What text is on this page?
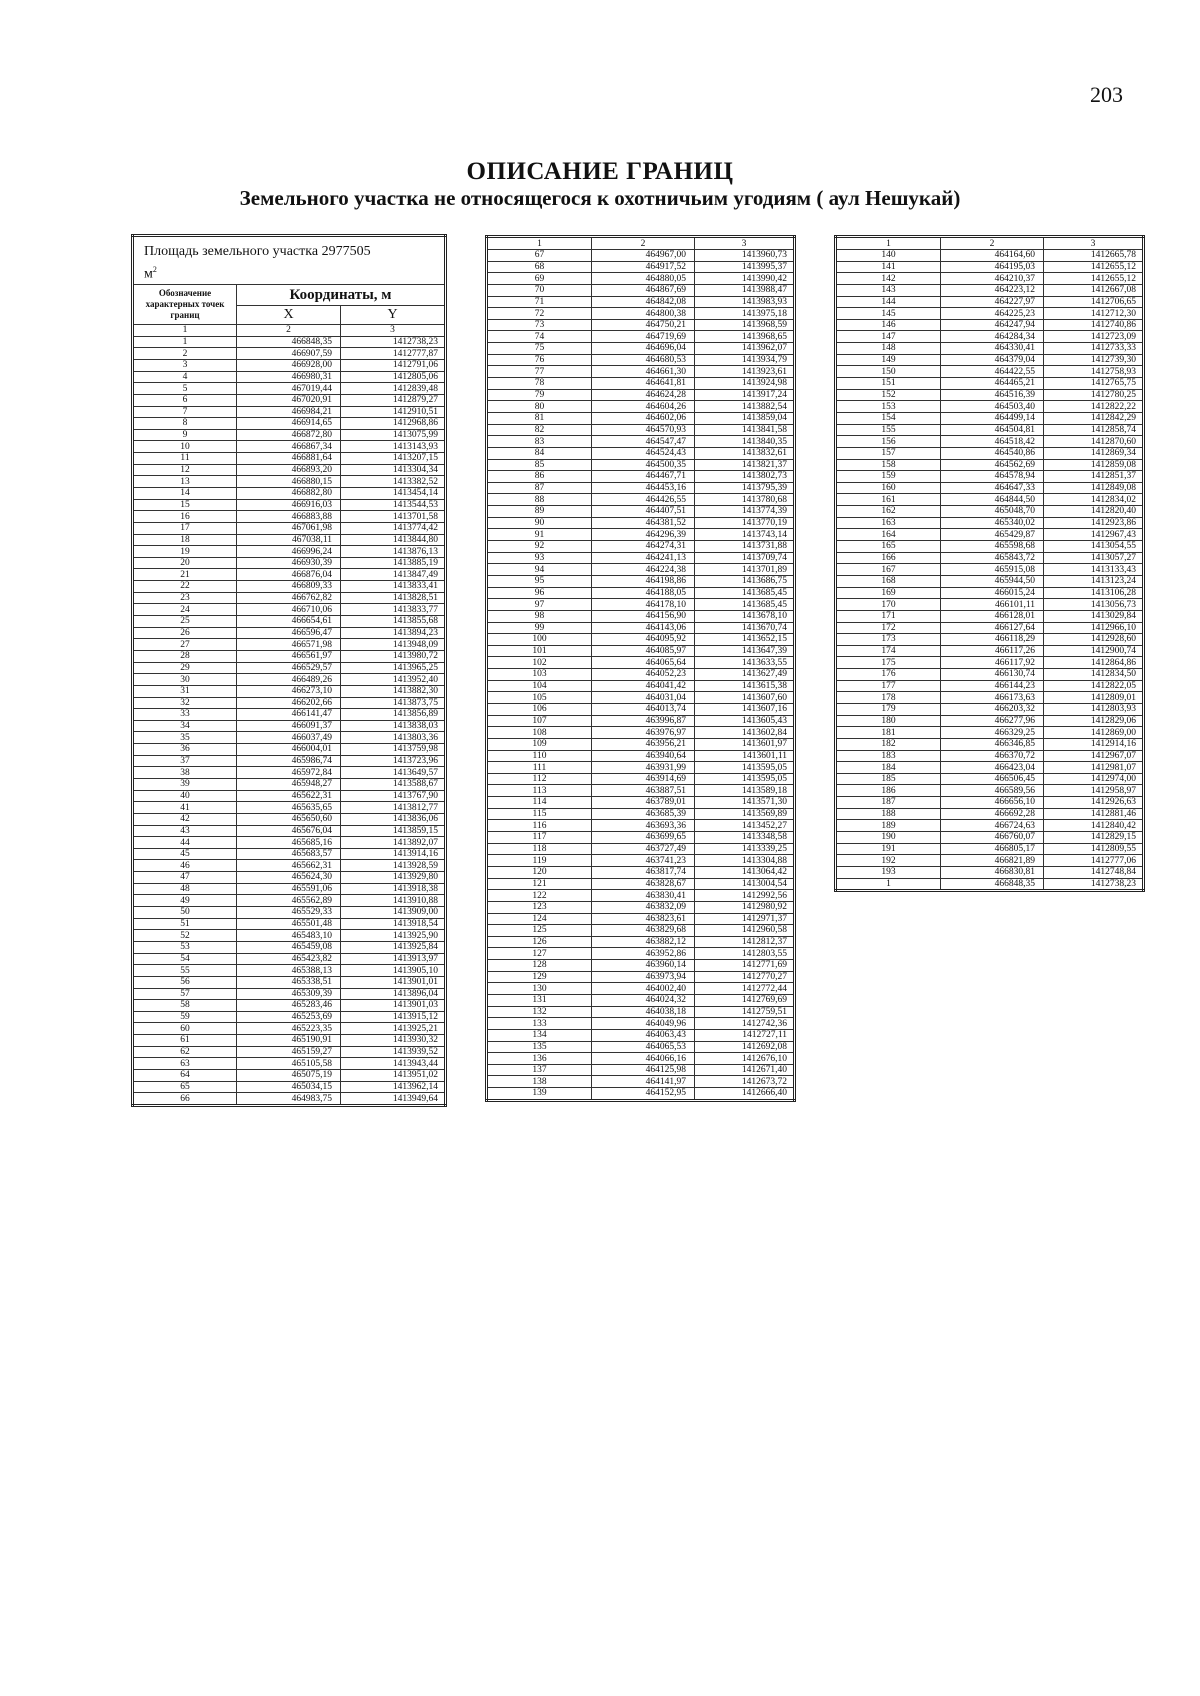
203
ОПИСАНИЕ ГРАНИЦ
Земельного участка не относящегося к охотничьим угодиям ( аул Нешукай)
Площадь земельного участка 2977505
$м^2$
Обозначение характерных точек границ	Координаты, м	
	X	Y
1	2	3
1	466848,35	1412738,23
2	466907,59	1412777,87
3	466928,00	1412791,06
4	466980,31	1412805,06
5	467019,44	1412839,48
6	467020,91	1412879,27
7	466984,21	1412910,51
8	466914,65	1412968,86
9	466872,80	1413075,99
10	466867,34	1413143,93
11	466881,64	1413207,15
12	466893,20	1413304,34
13	466880,15	1413382,52
14	466882,80	1413454,14
15	466916,03	1413544,53
16	466883,88	1413701,58
17	467061,98	1413774,42
18	467038,11	1413844,80
19	466996,24	1413876,13
20	466930,39	1413885,19
21	466876,04	1413847,49
22	466809,33	1413833,41
23	466762,82	1413828,51
24	466710,06	1413833,77
25	466654,61	1413855,68
26	466596,47	1413894,23
27	466571,98	1413948,09
28	466561,97	1413980,72
29	466529,57	1413965,25
30	466489,26	1413952,40
31	466273,10	1413882,30
32	466202,66	1413873,75
33	466141,47	1413856,89
34	466091,37	1413838,03
35	466037,49	1413803,36
36	466004,01	1413759,98
37	465986,74	1413723,96
38	465972,84	1413649,57
39	465948,27	1413588,67
40	465622,31	1413767,90
41	465635,65	1413812,77
42	465650,60	1413836,06
43	465676,04	1413859,15
44	465685,16	1413892,07
45	465683,57	1413914,16
46	465662,31	1413928,59
47	465624,30	1413929,80
48	465591,06	1413918,38
49	465562,89	1413910,88
50	465529,33	1413909,00
51	465501,48	1413918,54
52	465483,10	1413925,90
53	465459,08	1413925,84
54	465423,82	1413913,97
55	465388,13	1413905,10
56	465338,51	1413901,01
57	465309,39	1413896,04
58	465283,46	1413901,03
59	465253,69	1413915,12
60	465223,35	1413925,21
61	465190,91	1413930,32
62	465159,27	1413939,52
63	465105,58	1413943,44
64	465075,19	1413951,02
65	465034,15	1413962,14
66	464983,75	1413949,64
1	2	3
67	464967,00	1413960,73
68	464917,52	1413995,37
69	464880,05	1413990,42
70	464867,69	1413988,47
71	464842,08	1413983,93
72	464800,38	1413975,18
73	464750,21	1413968,59
74	464719,69	1413968,65
75	464696,04	1413962,07
76	464680,53	1413934,79
77	464661,30	1413923,61
78	464641,81	1413924,98
79	464624,28	1413917,24
80	464604,26	1413882,54
81	464602,06	1413859,04
82	464570,93	1413841,58
83	464547,47	1413840,35
84	464524,43	1413832,61
85	464500,35	1413821,37
86	464467,71	1413802,73
87	464453,16	1413795,39
88	464426,55	1413780,68
89	464407,51	1413774,39
90	464381,52	1413770,19
91	464296,39	1413743,14
92	464274,31	1413731,88
93	464241,13	1413709,74
94	464224,38	1413701,89
95	464198,86	1413686,75
96	464188,05	1413685,45
97	464178,10	1413685,45
98	464156,90	1413678,10
99	464143,06	1413670,74
100	464095,92	1413652,15
101	464085,97	1413647,39
102	464065,64	1413633,55
103	464052,23	1413627,49
104	464041,42	1413615,38
105	464031,04	1413607,60
106	464013,74	1413607,16
107	463996,87	1413605,43
108	463976,97	1413602,84
109	463956,21	1413601,97
110	463940,64	1413601,11
111	463931,99	1413595,05
112	463914,69	1413595,05
113	463887,51	1413589,18
114	463789,01	1413571,30
115	463685,39	1413569,89
116	463693,36	1413452,27
117	463699,65	1413348,58
118	463727,49	1413339,25
119	463741,23	1413304,88
120	463817,74	1413064,42
121	463828,67	1413004,54
122	463830,41	1412992,56
123	463832,09	1412980,92
124	463823,61	1412971,37
125	463829,68	1412960,58
126	463882,12	1412812,37
127	463952,86	1412803,55
128	463960,14	1412771,69
129	463973,94	1412770,27
130	464002,40	1412772,44
131	464024,32	1412769,69
132	464038,18	1412759,51
133	464049,96	1412742,36
134	464063,43	1412727,11
135	464065,53	1412692,08
136	464066,16	1412676,10
137	464125,98	1412671,40
138	464141,97	1412673,72
139	464152,95	1412666,40
1	2	3
140	464164,60	1412665,78
141	464195,03	1412655,12
142	464210,37	1412655,12
143	464223,12	1412667,08
144	464227,97	1412706,65
145	464225,23	1412712,30
146	464247,94	1412740,86
147	464284,34	1412723,09
148	464330,41	1412733,33
149	464379,04	1412739,30
150	464422,55	1412758,93
151	464465,21	1412765,75
152	464516,39	1412780,25
153	464503,40	1412822,22
154	464499,14	1412842,29
155	464504,81	1412858,74
156	464518,42	1412870,60
157	464540,86	1412869,34
158	464562,69	1412859,08
159	464578,94	1412851,37
160	464647,33	1412849,08
161	464844,50	1412834,02
162	465048,70	1412820,40
163	465340,02	1412923,86
164	465429,87	1412967,43
165	465598,68	1413054,55
166	465843,72	1413057,27
167	465915,08	1413133,43
168	465944,50	1413123,24
169	466015,24	1413106,28
170	466101,11	1413056,73
171	466128,01	1413029,84
172	466127,64	1412966,10
173	466118,29	1412928,60
174	466117,26	1412900,74
175	466117,92	1412864,86
176	466130,74	1412834,50
177	466144,23	1412822,05
178	466173,63	1412809,01
179	466203,32	1412803,93
180	466277,96	1412829,06
181	466329,25	1412869,00
182	466346,85	1412914,16
183	466370,72	1412967,07
184	466423,04	1412981,07
185	466506,45	1412974,00
186	466589,56	1412958,97
187	466656,10	1412926,63
188	466692,28	1412881,46
189	466724,63	1412840,42
190	466760,07	1412829,15
191	466805,17	1412809,55
192	466821,89	1412777,06
193	466830,81	1412748,84
1	466848,35	1412738,23
